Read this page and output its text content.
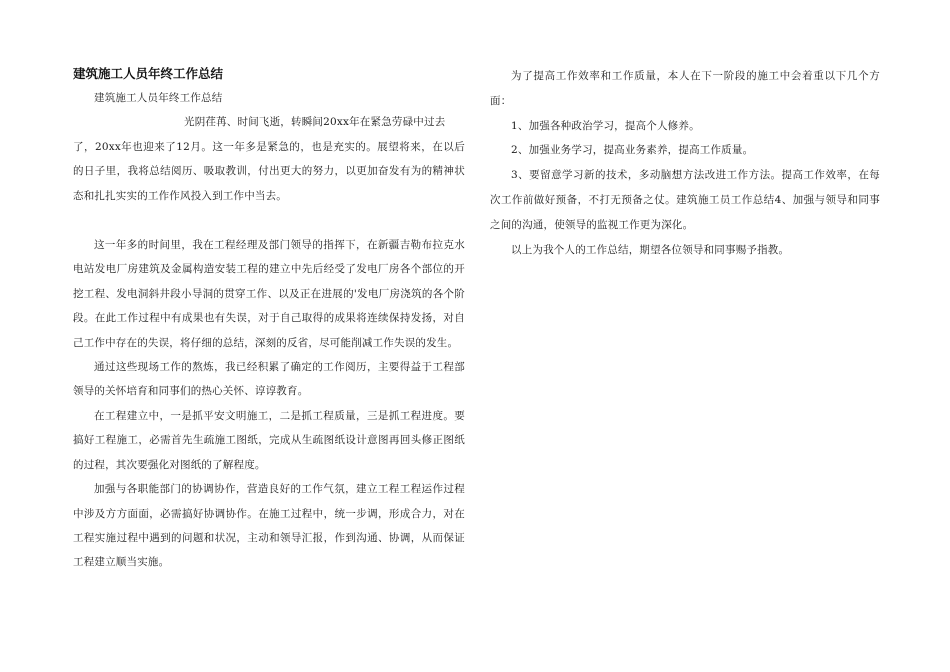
建筑施工人员年终工作总结

建筑施工人员年终工作总结

光阴荏苒、时间飞逝，转瞬间20xx年在紧急劳碌中过去

了，20xx年也迎来了12月。这一年多是紧急的，也是充实的。展望将来，在以后的日子里，我将总结阅历、吸取教训，付出更大的努力，以更加奋发有为的精神状态和扎扎实实的工作作风投入到工作中当去。

这一年多的时间里，我在工程经理及部门领导的指挥下，在新疆吉勒布拉克水电站发电厂房建筑及金属构造安装工程的建立中先后经受了发电厂房各个部位的开挖工程、发电洞斜井段小导洞的贯穿工作、以及正在进展的'发电厂房浇筑的各个阶段。在此工作过程中有成果也有失误，对于自己取得的成果将连续保持发扬，对自己工作中存在的失误，将仔细的总结，深刻的反省，尽可能削减工作失误的发生。

通过这些现场工作的熬炼，我已经积累了确定的工作阅历，主要得益于工程部领导的关怀培育和同事们的热心关怀、谆谆教育。

在工程建立中，一是抓平安文明施工，二是抓工程质量，三是抓工程进度。要搞好工程施工，必需首先生疏施工图纸，完成从生疏图纸设计意图再回头修正图纸的过程，其次要强化对图纸的了解程度。

加强与各职能部门的协调协作，营造良好的工作气氛，建立工程工程运作过程中涉及方方面面，必需搞好协调协作。在施工过程中，统一步调，形成合力，对在工程实施过程中遇到的问题和状况，主动和领导汇报，作到沟通、协调，从而保证工程建立顺当实施。

为了提高工作效率和工作质量，本人在下一阶段的施工中会着重以下几个方面：

1、加强各种政治学习，提高个人修养。

2、加强业务学习，提高业务素养，提高工作质量。

3、要留意学习新的技术，多动脑想方法改进工作方法。提高工作效率，在每次工作前做好预备，不打无预备之仗。建筑施工员工作总结4、加强与领导和同事之间的沟通，使领导的监视工作更为深化。

以上为我个人的工作总结，期望各位领导和同事赐予指教。
